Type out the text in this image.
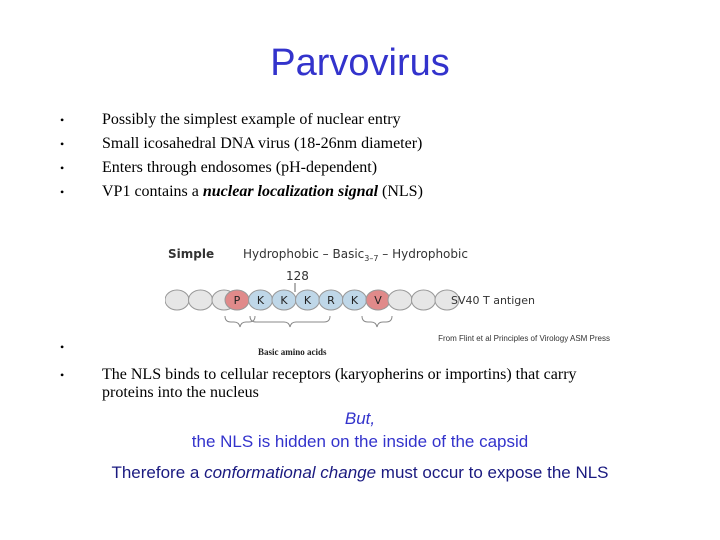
Parvovirus
• Possibly the simplest example of nuclear entry
• Small icosahedral DNA virus (18-26nm diameter)
• Enters through endosomes (pH-dependent)
• VP1 contains a nuclear localization signal (NLS)
Simple Hydrophobic – Basic$_{3-7}$ – Hydrophobic
128
P K K K R K V	SV40 T antigen
From Flint et al Principles of Virology ASM Press
•	Basic amino acids
• The NLS binds to cellular receptors (karyopherins or importins) that carry proteins into the nucleus
But,
the NLS is hidden on the inside of the capsid
Therefore a conformational change must occur to expose the NLS
